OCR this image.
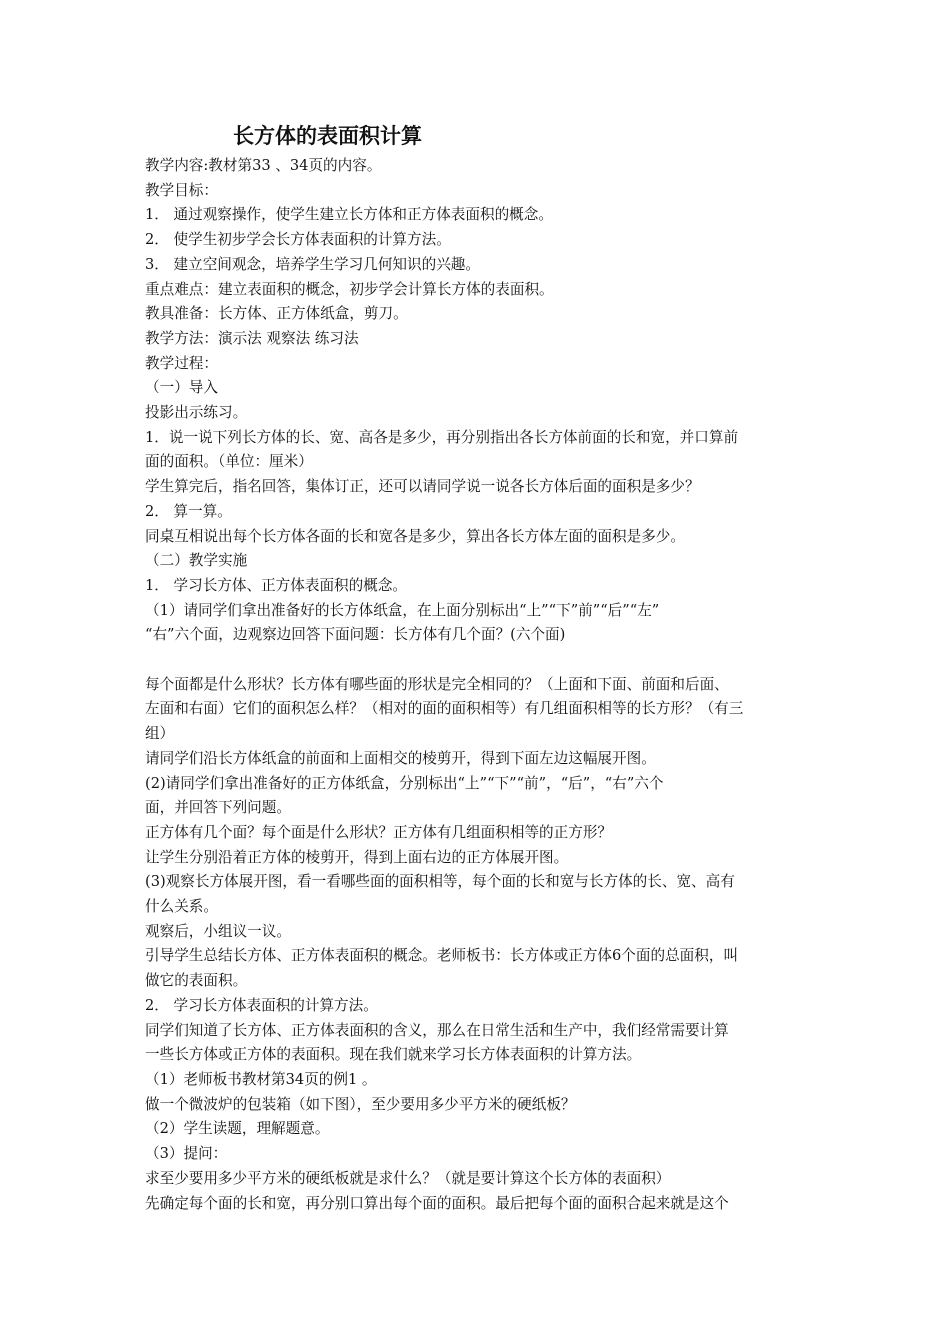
长方体的表面积计算

教学内容:教材第33 、34页的内容。

教学目标：

1． 通过观察操作，使学生建立长方体和正方体表面积的概念。

2． 使学生初步学会长方体表面积的计算方法。

3． 建立空间观念，培养学生学习几何知识的兴趣。

重点难点：建立表面积的概念，初步学会计算长方体的表面积。

教具准备：长方体、正方体纸盒，剪刀。

教学方法：演示法 观察法 练习法

教学过程：

（一）导入

投影出示练习。

1．说一说下列长方体的长、宽、高各是多少，再分别指出各长方体前面的长和宽，并口算前

面的面积。（单位：厘米）

学生算完后，指名回答，集体订正，还可以请同学说一说各长方体后面的面积是多少？

2． 算一算。

同桌互相说出每个长方体各面的长和宽各是多少，算出各长方体左面的面积是多少。

（二）教学实施

1． 学习长方体、正方体表面积的概念。

（1）请同学们拿出准备好的长方体纸盒，在上面分别标出“上”“下”前”“后”“左”

“右”六个面，边观察边回答下面问题：长方体有几个面？(六个面)

每个面都是什么形状？长方体有哪些面的形状是完全相同的？（上面和下面、前面和后面、

左面和右面）它们的面积怎么样？（相对的面的面积相等）有几组面积相等的长方形？（有三

组）

请同学们沿长方体纸盒的前面和上面相交的棱剪开，得到下面左边这幅展开图。

(2)请同学们拿出准备好的正方体纸盒，分别标出“上”“下”“前”，“后”，“右”六个

面，并回答下列问题。

正方体有几个面？每个面是什么形状？正方体有几组面积相等的正方形？

让学生分别沿着正方体的棱剪开，得到上面右边的正方体展开图。

(3)观察长方体展开图，看一看哪些面的面积相等，每个面的长和宽与长方体的长、宽、高有

什么关系。

观察后，小组议一议。

引导学生总结长方体、正方体表面积的概念。老师板书：长方体或正方体6个面的总面积，叫

做它的表面积。

2． 学习长方体表面积的计算方法。

同学们知道了长方体、正方体表面积的含义，那么在日常生活和生产中，我们经常需要计算

一些长方体或正方体的表面积。现在我们就来学习长方体表面积的计算方法。

（1）老师板书教材第34页的例1 。

做一个微波炉的包装箱（如下图），至少要用多少平方米的硬纸板？

（2）学生读题，理解题意。

（3）提问：

求至少要用多少平方米的硬纸板就是求什么？（就是要计算这个长方体的表面积）

先确定每个面的长和宽，再分别口算出每个面的面积。最后把每个面的面积合起来就是这个
